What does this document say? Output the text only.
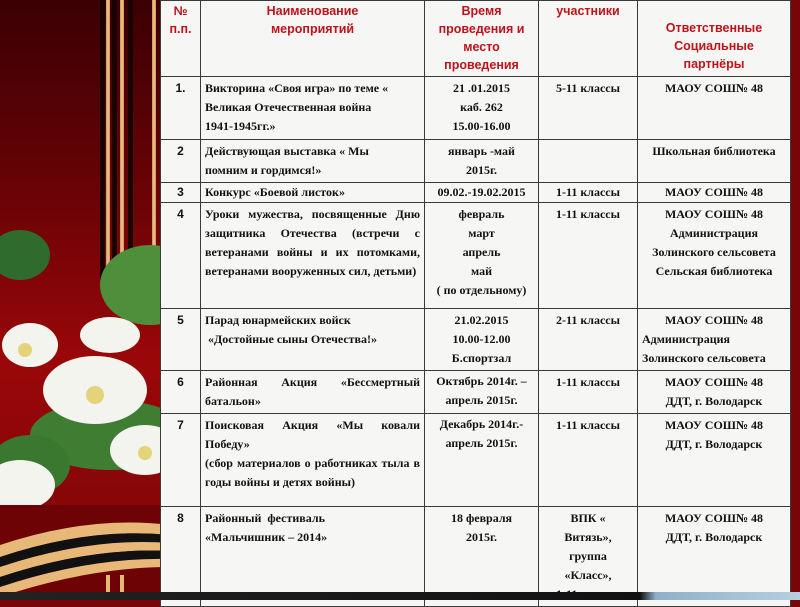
№
п.п.	Наименование
мероприятий	Время
проведения и
место
проведения	участники	Ответственные
Социальные
партнёры

1.	Викторина «Своя игра» по теме «
Великая Отечественная война
1941-1945гг.»	21 .01.2015
каб. 262
15.00-16.00	5-11 классы	МАОУ СОШ№ 48

2	Действующая выставка « Мы
помним и гордимся!»	январь -май
2015г.		Школьная библиотека

3	Конкурс «Боевой листок»	09.02.-19.02.2015	1-11 классы	МАОУ СОШ№ 48

4	Уроки мужества, посвященные Дню защитника Отечества (встречи с ветеранами войны и их потомками, ветеранами вооруженных сил, детьми)	февраль
март
апрель
май
( по отдельному)	1-11 классы	МАОУ СОШ№ 48
Администрация
Золинского сельсовета
Сельская библиотека

5	Парад юнармейских войск
«Достойные сыны Отечества!»	21.02.2015
10.00-12.00
Б.спортзал	2-11 классы	МАОУ СОШ№ 48
Администрация
Золинского сельсовета

6	Районная Акция «Бессмертный батальон»	Октябрь 2014г. –
апрель 2015г.	1-11 классы	МАОУ СОШ№ 48
ДДТ, г. Володарск

7	Поисковая Акция «Мы ковали Победу»
(сбор материалов о работниках тыла в годы войны и детях войны)	Декабрь 2014г.-
апрель 2015г.	1-11 классы	МАОУ СОШ№ 48
ДДТ, г. Володарск

8	Районный  фестиваль
«Мальчишник – 2014»	18 февраля
2015г.	ВПК «
Витязь»,
группа
«Класс»,	МАОУ СОШ№ 48
ДДТ, г. Володарск
